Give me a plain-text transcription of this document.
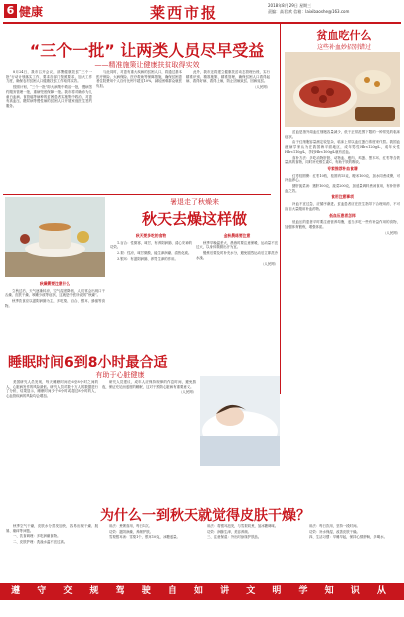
6 健康	莱西市报	2018年8月29日 星期三
责编：高君欢 信箱：laixibaoshe@163.com
“三个一批” 让两类人员尽早受益
——精准施策让健康扶贫取得实效

8月24日，我市召开会议，部署健康扶贫“三个一批”行动计划落实工作，要求各部门按照要求，加大工作力度，确保农村贫困人口健康扶贫工作取得实效。

按照计划，“三个一批”即大病集中救治一批，慢病签约服务管理一批，重病兜底保障一批。我市将对确诊为儿童白血病、食管癌等病种的贫困患者实施集中救治，对患有高血压、糖尿病等慢性病的贫困人口开展家庭医生签约服务。

与此同时，对患有重大疾病的贫困人口，将通过基本医疗保险、大病保险、医疗救助等保障措施，确保贫困患者住院费用个人自付比例不超过10%，减轻困难群众就医负担。

此外，我市还将建立健康扶贫动态管理台账，实行精准识别、精准施策、精准管理，确保贫困人口看得起病、看得好病、看得上病，防止因病致贫、因病返贫。

（人民网）

贫血吃什么
这些补血妙招别错过

贫血是指外周血红细胞容量减少，低于正常范围下限的一种常见的临床症状。

由于红细胞容量测定较复杂，临床上常以血红蛋白浓度来代替。我国血液病学家认为在我国海平面地区，成年男性Hb<120g/L，成年女性Hb<110g/L，孕妇Hb<100g/L就有贫血。

食补方法：多吃动物肝脏、动物血、瘦肉、鸡蛋、黑木耳、红枣等含铁量高的食物，同时补充维生素C，有助于铁的吸收。

专家推荐补血食谱

红枣桂圆粥：红枣10枚，桂圆肉15克，粳米100克，加水同煮成粥，可补血养心。

猪肝菠菜汤：猪肝100克，菠菜200克，加适量调料煮汤食用，有补肝养血之效。

食用注意事项

补血不宜过急，应循序渐进。贫血患者应在医生指导下合理用药，不可盲目大量服用补血药物。

低血压患者怎样

低血压的患者平时要注意营养均衡，适当多吃一些有补益作用的食物，加强体育锻炼，增强体质。

（人民网）

暑退走了秋燥来
秋天去燥这样做
秋燥需要注意什么

立秋过后，天气逐渐转凉，空气湿度降低，人们常会出现口干舌燥、皮肤干燥、咳嗽少痰等症状，这就是中医所说的“秋燥”。

秋季饮食应以滋阴润肺为主，多吃梨、百合、银耳、蜂蜜等食物。

秋天要多吃的食物

1.百合：性微寒，味甘，有养阴润肺、清心安神的功效。

2.梨：性凉，味甘微酸，能生津润燥、清热化痰。

3.银耳：有滋阴润肺、养胃生津的作用。

金秋晨练要注意

秋季早晚温差大，晨练时要注意保暖，运动量不宜过大，以身体微微出汗为宜。

锻炼后要及时补充水分，避免剧烈运动后立即洗冷水澡。

（人民网）

睡眠时间6到8小时最合适
有助于心脏健康

美国研究人员发现，每天睡眠时间在6至8小时之间的人，心脏病发作的风险最低。研究人员对数十万人的数据进行了分析，结果显示，睡眠时间少于6小时或超过8小时的人，心血管疾病的风险均会增加。

研究人员建议，成年人应保持规律的作息时间，避免熬夜，保证充足而适度的睡眠，这对于预防心脏病有重要意义。

（人民网）

为什么一到秋天就觉得皮肤干燥？

秋季空气干燥，皮肤水分蒸发加快，容易出现干燥、脱屑、瘙痒等问题。

一、饮食调理：多吃润燥食物。

二、皮肤护理：洗澡水温不宜过高。

用法：煮粥食用，每日1次。

功效：滋阴润燥，养颜护肤。

雪梨银耳汤：雪梨1个，银耳10克，冰糖适量。

用法：将银耳泡发，与雪梨同煮，加冰糖调味。

功效：润肺生津，美容养颜。

三、注意保湿：外出时涂抹护肤品。

用法：每日饮用，坚持一段时间。

功效：补水保湿，改善皮肤干燥。

四、生活习惯：早睡早起，保持心情舒畅，多喝水。

遵 守 交 规 驾 驶 自 如 讲 文 明 学 知 识 从 我 做 起
